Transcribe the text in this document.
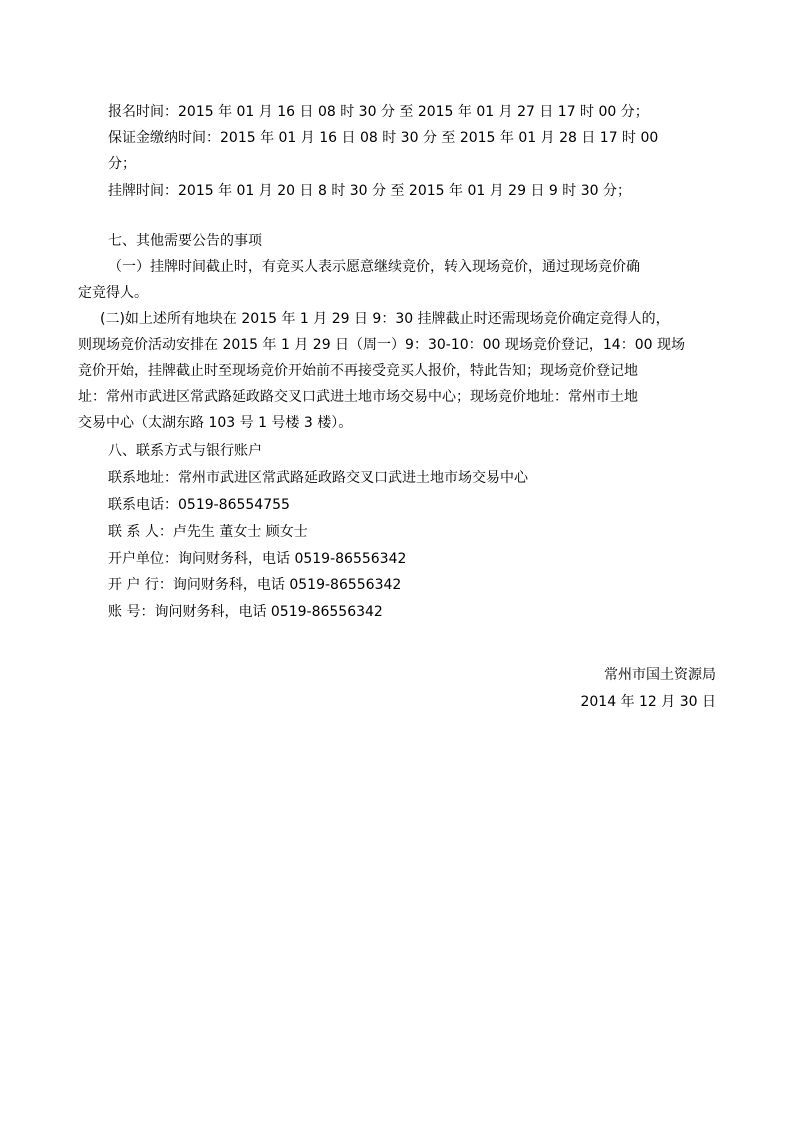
报名时间：2015 年 01 月 16 日 08 时 30 分 至 2015 年 01 月 27 日 17 时 00 分；
保证金缴纳时间：2015 年 01 月 16 日 08 时 30 分 至 2015 年 01 月 28 日 17 时 00
分；
挂牌时间：2015 年 01 月 20 日 8 时 30 分 至 2015 年 01 月 29 日 9 时 30 分；
七、其他需要公告的事项
（一）挂牌时间截止时，有竞买人表示愿意继续竞价，转入现场竞价，通过现场竞价确
定竞得人。
(二)如上述所有地块在 2015 年 1 月 29 日 9：30 挂牌截止时还需现场竞价确定竞得人的，
则现场竞价活动安排在 2015 年 1 月 29 日（周一）9：30-10：00 现场竞价登记，14：00 现场
竞价开始，挂牌截止时至现场竞价开始前不再接受竞买人报价，特此告知；现场竞价登记地
址：常州市武进区常武路延政路交叉口武进土地市场交易中心；现场竞价地址：常州市土地
交易中心（太湖东路 103 号 1 号楼 3 楼）。
八、联系方式与银行账户
联系地址：常州市武进区常武路延政路交叉口武进土地市场交易中心
联系电话：0519-86554755
联 系 人：卢先生 董女士 顾女士
开户单位：询问财务科，电话 0519-86556342
开 户 行：询问财务科，电话 0519-86556342
账 号：询问财务科，电话 0519-86556342
常州市国土资源局
2014 年 12 月 30 日
